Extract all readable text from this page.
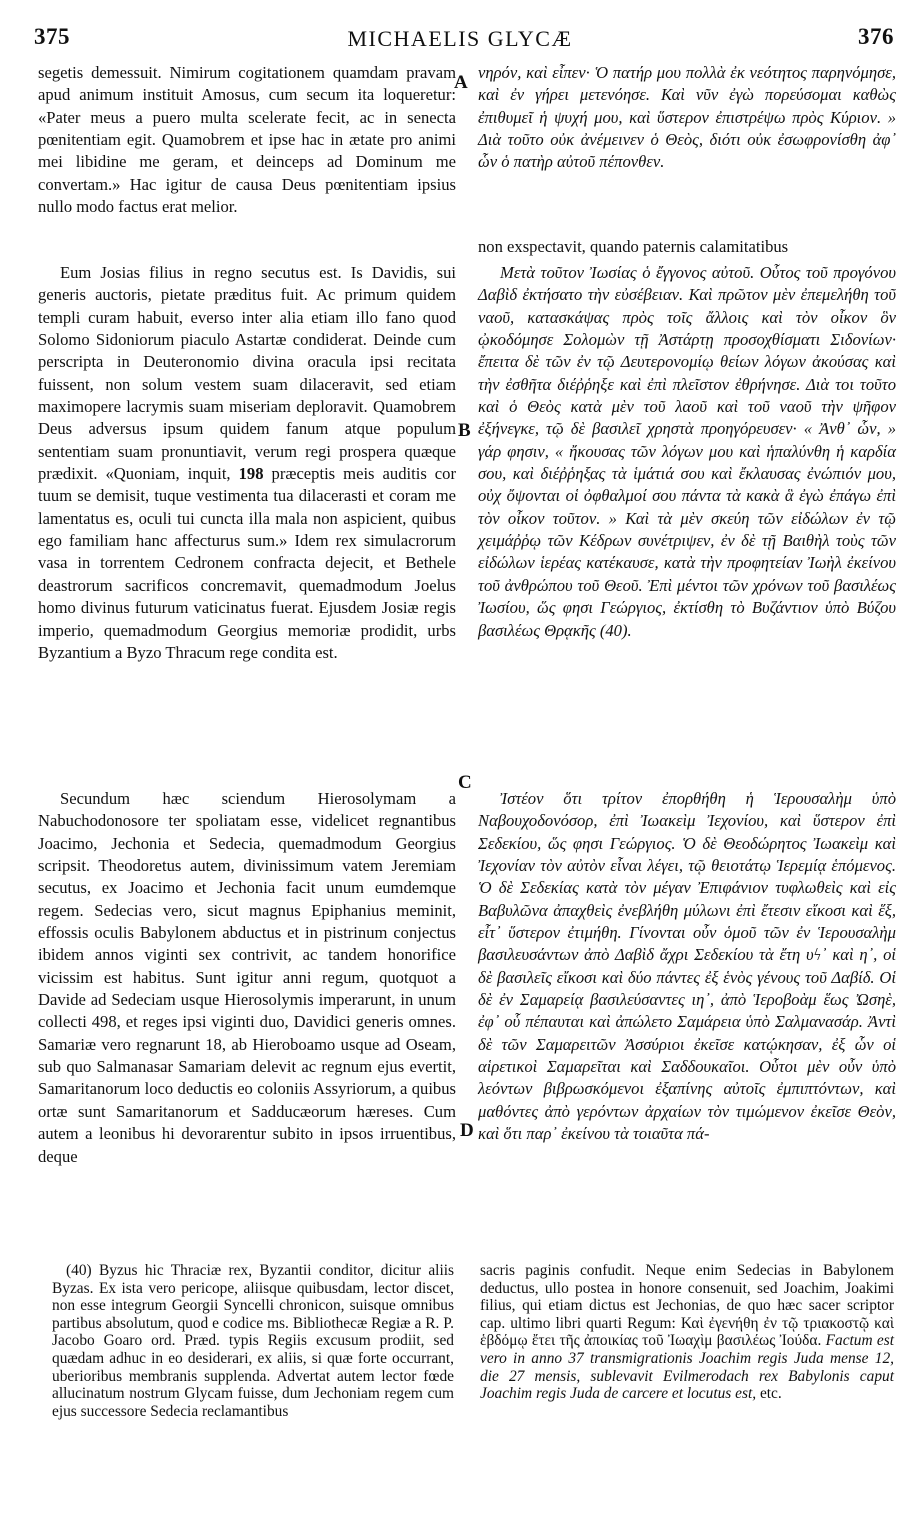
375	MICHAELIS GLYCÆ	376

segetis demessuit. Nimirum cogitationem quamdam pravam apud animum instituit Amosus, cum secum ita loqueretur: «Pater meus a puero multa scelerate fecit, ac in senecta pœnitentiam egit. Quamobrem et ipse hac in ætate pro animi mei libidine me geram, et deinceps ad Dominum me convertam.» Hac igitur de causa Deus pœnitentiam ipsius nullo modo factus erat melior.

Eum Josias filius in regno secutus est. Is Davidis, sui generis auctoris, pietate præditus fuit. Ac primum quidem templi curam habuit, everso inter alia etiam illo fano quod Solomo Sidoniorum piaculo Astartæ condiderat. Deinde cum perscripta in Deuteronomio divina oracula ipsi recitata fuissent, non solum vestem suam dilaceravit, sed etiam maximopere lacrymis suam miseriam deploravit. Quamobrem Deus adversus ipsum quidem fanum atque populum sententiam suam pronuntiavit, verum regi prospera quæque prædixit. «Quoniam, inquit, 198 præceptis meis auditis cor tuum se demisit, tuque vestimenta tua dilacerasti et coram me lamentatus es, oculi tui cuncta illa mala non aspicient, quibus ego familiam hanc affecturus sum.» Idem rex simulacrorum vasa in torrentem Cedronem confracta dejecit, et Bethele deastrorum sacrificos concremavit, quemadmodum Joelus homo divinus futurum vaticinatus fuerat. Ejusdem Josiæ regis imperio, quemadmodum Georgius memoriæ prodidit, urbs Byzantium a Byzo Thracum rege condita est.

Secundum hæc sciendum Hierosolymam a Nabuchodonosore ter spoliatam esse, videlicet regnantibus Joacimo, Jechonia et Sedecia, quemadmodum Georgius scripsit. Theodoretus autem, divinissimum vatem Jeremiam secutus, ex Joacimo et Jechonia facit unum eumdemque regem. Sedecias vero, sicut magnus Epiphanius meminit, effossis oculis Babylonem abductus et in pistrinum conjectus ibidem annos viginti sex contrivit, ac tandem honorifice vicissim est habitus. Sunt igitur anni regum, quotquot a Davide ad Sedeciam usque Hierosolymis imperarunt, in unum collecti 498, et reges ipsi viginti duo, Davidici generis omnes. Samariæ vero regnarunt 18, ab Hieroboamo usque ad Oseam, sub quo Salmanasar Samariam delevit ac regnum ejus evertit, Samaritanorum loco deductis eo coloniis Assyriorum, a quibus ortæ sunt Samaritanorum et Sadducæorum hæreses. Cum autem a leonibus hi devorarentur subito in ipsos irruentibus, deque

νηρόν, καὶ εἶπεν· Ὁ πατήρ μου πολλὰ ἐκ νεότητος παρηνόμησε, καὶ ἐν γήρει μετενόησε. Καὶ νῦν ἐγὼ πορεύσομαι καθὼς ἐπιθυμεῖ ἡ ψυχή μου, καὶ ὕστερον ἐπιστρέψω πρὸς Κύριον. » Διὰ τοῦτο οὐκ ἀνέμεινεν ὁ Θεὸς, διότι οὐκ ἐσωφρονίσθη ἀφ᾽ ὧν ὁ πατὴρ αὐτοῦ πέπονθεν.

non exspectavit, quando paternis calamitatibus

Μετὰ τοῦτον Ἰωσίας ὁ ἔγγονος αὐτοῦ. Οὗτος τοῦ προγόνου Δαβὶδ ἐκτήσατο τὴν εὐσέβειαν. Καὶ πρῶτον μὲν ἐπεμελήθη τοῦ ναοῦ, κατασκάψας πρὸς τοῖς ἄλλοις καὶ τὸν οἶκον ὃν ᾠκοδόμησε Σολομὼν τῇ Ἀστάρτῃ προσοχθίσματι Σιδονίων· ἔπειτα δὲ τῶν ἐν τῷ Δευτερονομίῳ θείων λόγων ἀκούσας καὶ τὴν ἐσθῆτα διέῤῥηξε καὶ ἐπὶ πλεῖστον ἐθρήνησε. Διὰ τοι τοῦτο καὶ ὁ Θεὸς κατὰ μὲν τοῦ λαοῦ καὶ τοῦ ναοῦ τὴν ψῆφον ἐξήνεγκε, τῷ δὲ βασιλεῖ χρηστὰ προηγόρευσεν· « Ἀνθ᾽ ὧν, » γάρ φησιν, « ἤκουσας τῶν λόγων μου καὶ ἡπαλύνθη ἡ καρδία σου, καὶ διέῤῥηξας τὰ ἱμάτιά σου καὶ ἔκλαυσας ἐνώπιόν μου, οὐχ ὄψονται οἱ ὀφθαλμοί σου πάντα τὰ κακὰ ἃ ἐγὼ ἐπάγω ἐπὶ τὸν οἶκον τοῦτον. » Καὶ τὰ μὲν σκεύη τῶν εἰδώλων ἐν τῷ χειμάῤῥῳ τῶν Κέδρων συνέτριψεν, ἐν δὲ τῇ Βαιθὴλ τοὺς τῶν εἰδώλων ἱερέας κατέκαυσε, κατὰ τὴν προφητείαν Ἰωὴλ ἐκείνου τοῦ ἀνθρώπου τοῦ Θεοῦ. Ἐπὶ μέντοι τῶν χρόνων τοῦ βασιλέως Ἰωσίου, ὥς φησι Γεώργιος, ἐκτίσθη τὸ Βυζάντιον ὑπὸ Βύζου βασιλέως Θρᾳκῆς (40).

Ἰστέον ὅτι τρίτον ἐπορθήθη ἡ Ἱερουσαλὴμ ὑπὸ Ναβουχοδονόσορ, ἐπὶ Ἰωακεὶμ Ἰεχονίου, καὶ ὕστερον ἐπὶ Σεδεκίου, ὥς φησι Γεώργιος. Ὁ δὲ Θεοδώρητος Ἰωακεὶμ καὶ Ἰεχονίαν τὸν αὐτὸν εἶναι λέγει, τῷ θειοτάτῳ Ἱερεμίᾳ ἑπόμενος. Ὁ δὲ Σεδεκίας κατὰ τὸν μέγαν Ἐπιφάνιον τυφλωθεὶς καὶ εἰς Βαβυλῶνα ἀπαχθεὶς ἐνεβλήθη μύλωνι ἐπὶ ἔτεσιν εἴκοσι καὶ ἕξ, εἶτ᾽ ὕστερον ἐτιμήθη. Γίνονται οὖν ὁμοῦ τῶν ἐν Ἱερουσαλὴμ βασιλευσάντων ἀπὸ Δαβὶδ ἄχρι Σεδεκίου τὰ ἔτη υϟ᾽ καὶ η᾽, οἱ δὲ βασιλεῖς εἴκοσι καὶ δύο πάντες ἐξ ἑνὸς γένους τοῦ Δαβίδ. Οἱ δὲ ἐν Σαμαρείᾳ βασιλεύσαντες ιη᾽, ἀπὸ Ἱεροβοὰμ ἕως Ὠσηὲ, ἐφ᾽ οὗ πέπαυται καὶ ἀπώλετο Σαμάρεια ὑπὸ Σαλμανασάρ. Ἀντὶ δὲ τῶν Σαμαρειτῶν Ἀσσύριοι ἐκεῖσε κατῴκησαν, ἐξ ὧν οἱ αἱρετικοὶ Σαμαρεῖται καὶ Σαδδουκαῖοι. Οὗτοι μὲν οὖν ὑπὸ λεόντων βιβρωσκόμενοι ἐξαπίνης αὐτοῖς ἐμπιπτόντων, καὶ μαθόντες ἀπὸ γερόντων ἀρχαίων τὸν τιμώμενον ἐκεῖσε Θεὸν, καὶ ὅτι παρ᾽ ἐκείνου τὰ τοιαῦτα πά-

A
B
C
D

(40) Byzus hic Thraciæ rex, Byzantii conditor, dicitur aliis Byzas. Ex ista vero pericope, aliisque quibusdam, lector discet, non esse integrum Georgii Syncelli chronicon, suisque omnibus partibus absolutum, quod e codice ms. Bibliothecæ Regiæ a R. P. Jacobo Goaro ord. Præd. typis Regiis excusum prodiit, sed quædam adhuc in eo desiderari, ex aliis, si quæ forte occurrant, uberioribus membranis supplenda. Advertat autem lector fœde allucinatum nostrum Glycam fuisse, dum Jechoniam regem cum ejus successore Sedecia reclamantibus

sacris paginis confudit. Neque enim Sedecias in Babylonem deductus, ullo postea in honore consenuit, sed Joachim, Joakimi filius, qui etiam dictus est Jechonias, de quo hæc sacer scriptor cap. ultimo libri quarti Regum: Καὶ ἐγενήθη ἐν τῷ τριακοστῷ καὶ ἑβδόμῳ ἔτει τῆς ἀποικίας τοῦ Ἰωαχὶμ βασιλέως Ἰούδα. Factum est vero in anno 37 transmigrationis Joachim regis Juda mense 12, die 27 mensis, sublevavit Evilmerodach rex Babylonis caput Joachim regis Juda de carcere et locutus est, etc.
